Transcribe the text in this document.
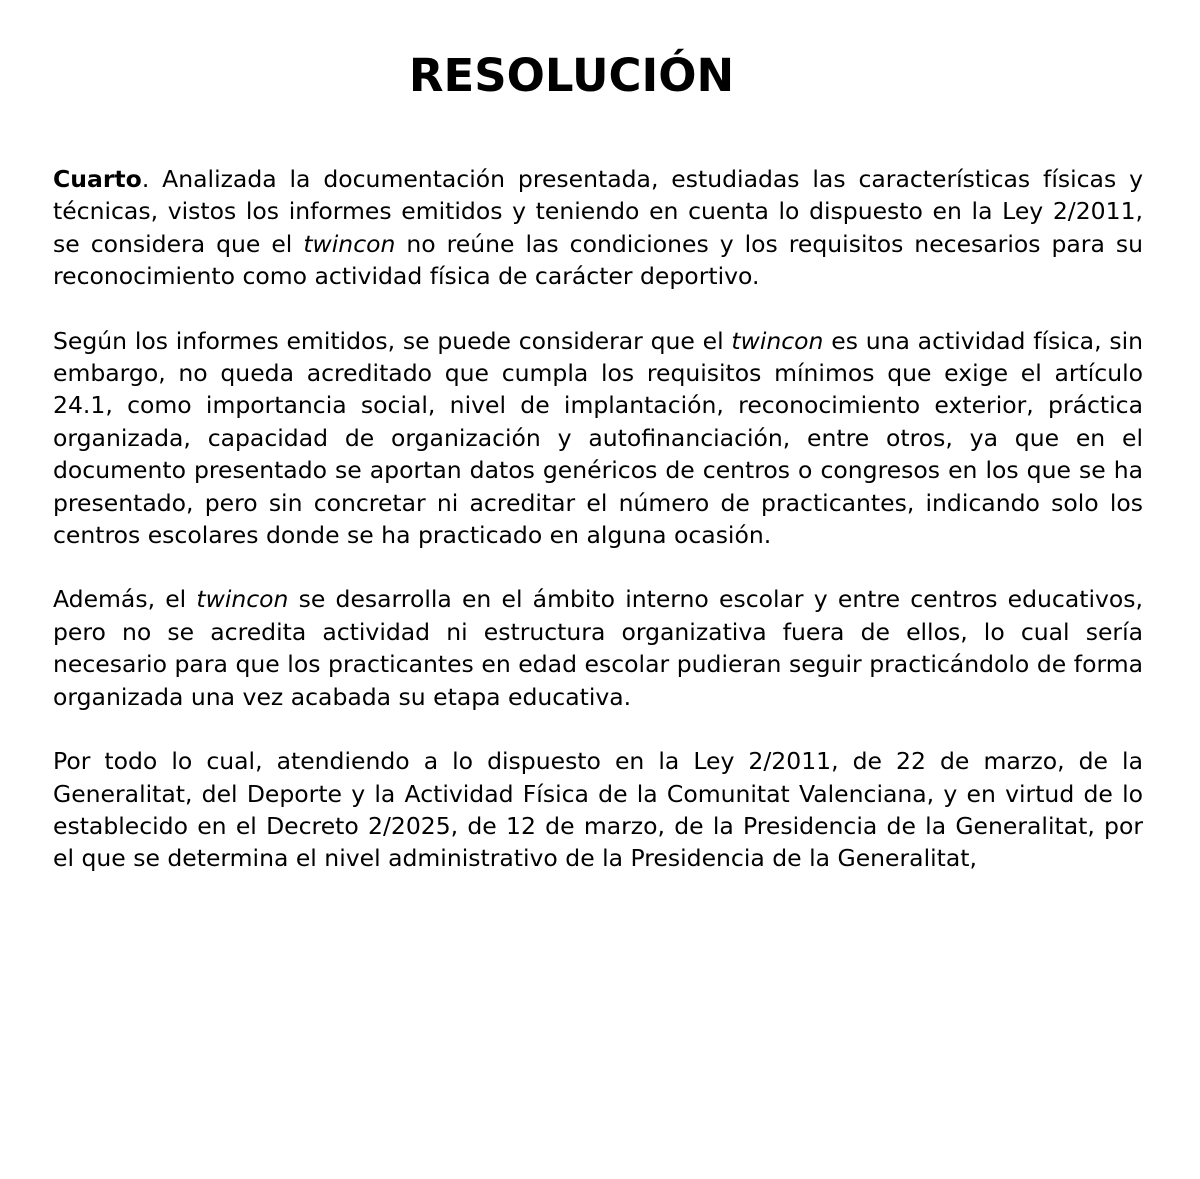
RESOLUCIÓN

Cuarto. Analizada la documentación presentada, estudiadas las características físicas y técnicas, vistos los informes emitidos y teniendo en cuenta lo dispuesto en la Ley 2/2011, se considera que el twincon no reúne las condiciones y los requisitos necesarios para su reconocimiento como actividad física de carácter deportivo.

Según los informes emitidos, se puede considerar que el twincon es una actividad física, sin embargo, no queda acreditado que cumpla los requisitos mínimos que exige el artículo 24.1, como importancia social, nivel de implantación, reconocimiento exterior, práctica organizada, capacidad de organización y autofinanciación, entre otros, ya que en el documento presentado se aportan datos genéricos de centros o congresos en los que se ha presentado, pero sin concretar ni acreditar el número de practicantes, indicando solo los centros escolares donde se ha practicado en alguna ocasión.

Además, el twincon se desarrolla en el ámbito interno escolar y entre centros educativos, pero no se acredita actividad ni estructura organizativa fuera de ellos, lo cual sería necesario para que los practicantes en edad escolar pudieran seguir practicándolo de forma organizada una vez acabada su etapa educativa.

Por todo lo cual, atendiendo a lo dispuesto en la Ley 2/2011, de 22 de marzo, de la Generalitat, del Deporte y la Actividad Física de la Comunitat Valenciana, y en virtud de lo establecido en el Decreto 2/2025, de 12 de marzo, de la Presidencia de la Generalitat, por el que se determina el nivel administrativo de la Presidencia de la Generalitat,
